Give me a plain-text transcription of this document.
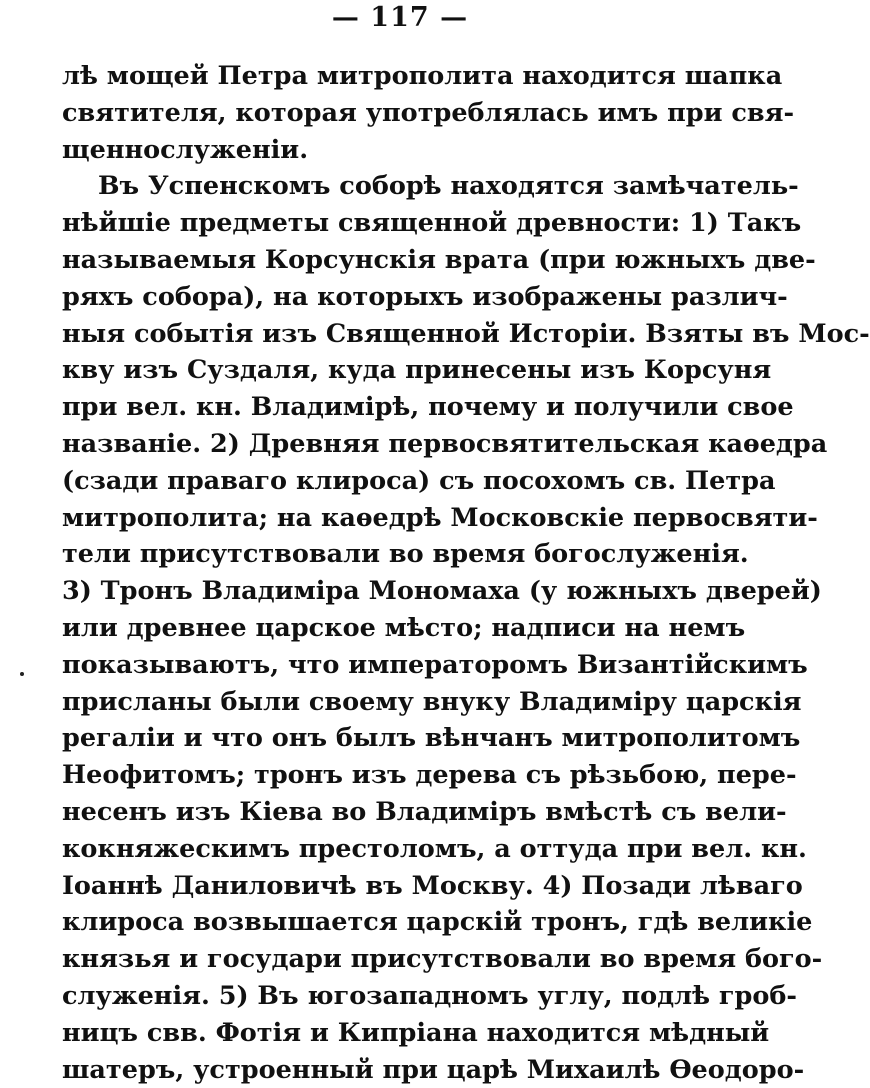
— 117 —
лѣ мощей Петра митрополита находится шапка
святителя, которая употреблялась имъ при свя-
щеннослуженіи.
Въ Успенскомъ соборѣ находятся замѣчатель-
нѣйшіе предметы священной древности: 1) Такъ
называемыя Корсунскія врата (при южныхъ две-
ряхъ собора), на которыхъ изображены различ-
ныя событія изъ Священной Исторіи. Взяты въ Мос-
кву изъ Суздаля, куда принесены изъ Корсуня
при вел. кн. Владимірѣ, почему и получили свое
названіе. 2) Древняя первосвятительская каѳедра
(сзади праваго клироса) съ посохомъ св. Петра
митрополита; на каѳедрѣ Московскіе первосвяти-
тели присутствовали во время богослуженія.
3) Тронъ Владиміра Мономаха (у южныхъ дверей)
или древнее царское мѣсто; надписи на немъ
показываютъ, что императоромъ Византійскимъ
присланы были своему внуку Владиміру царскія
регаліи и что онъ былъ вѣнчанъ митрополитомъ
Неофитомъ; тронъ изъ дерева съ рѣзьбою, пере-
несенъ изъ Кіева во Владиміръ вмѣстѣ съ вели-
кокняжескимъ престоломъ, а оттуда при вел. кн.
Іоаннѣ Даниловичѣ въ Москву. 4) Позади лѣваго
клироса возвышается царскій тронъ, гдѣ великіе
князья и государи присутствовали во время бого-
служенія. 5) Въ югозападномъ углу, подлѣ гроб-
ницъ свв. Фотія и Кипріана находится мѣдный
шатеръ, устроенный при царѣ Михаилѣ Ѳеодоро-
